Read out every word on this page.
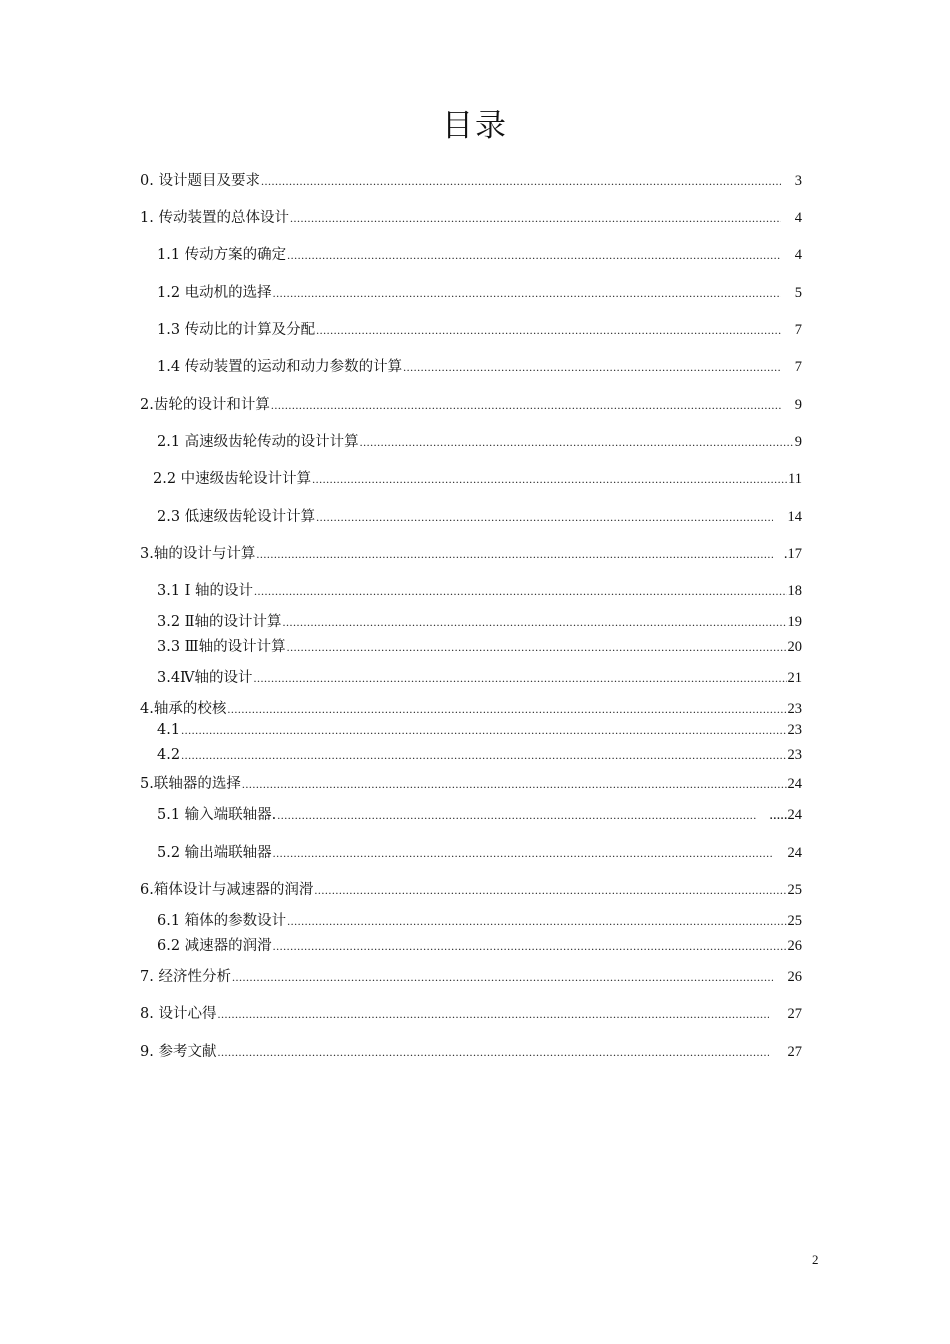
目录
0. 设计题目及要求 .....	3
1. 传动装置的总体设计 .....	4
1.1 传动方案的确定 .....	4
1.2 电动机的选择 .....	5
1.3 传动比的计算及分配 .....	7
1.4 传动装置的运动和动力参数的计算 .....	7
2.齿轮的设计和计算 .....	9
2.1 高速级齿轮传动的设计计算 .....	9
2.2 中速级齿轮设计计算 .....	11
2.3 低速级齿轮设计计算 .....	14
3.轴的设计与计算 .....	.17
3.1 Ⅰ 轴的设计 .....	18
3.2 Ⅱ轴的设计计算 .....	19
3.3 Ⅲ轴的设计计算 .....	20
3.4Ⅳ轴的设计 .....	21
4.轴承的校核 .....	23
4.1 .....	23
4.2 .....	23
5.联轴器的选择 .....	24
5.1 输入端联轴器. .....	.....24
5.2 输出端联轴器 .....	24
6.箱体设计与减速器的润滑 .....	25
6.1 箱体的参数设计 .....	25
6.2 减速器的润滑 .....	26
7. 经济性分析 .....	26
8. 设计心得 .....	27
9. 参考文献 .....	27
2
